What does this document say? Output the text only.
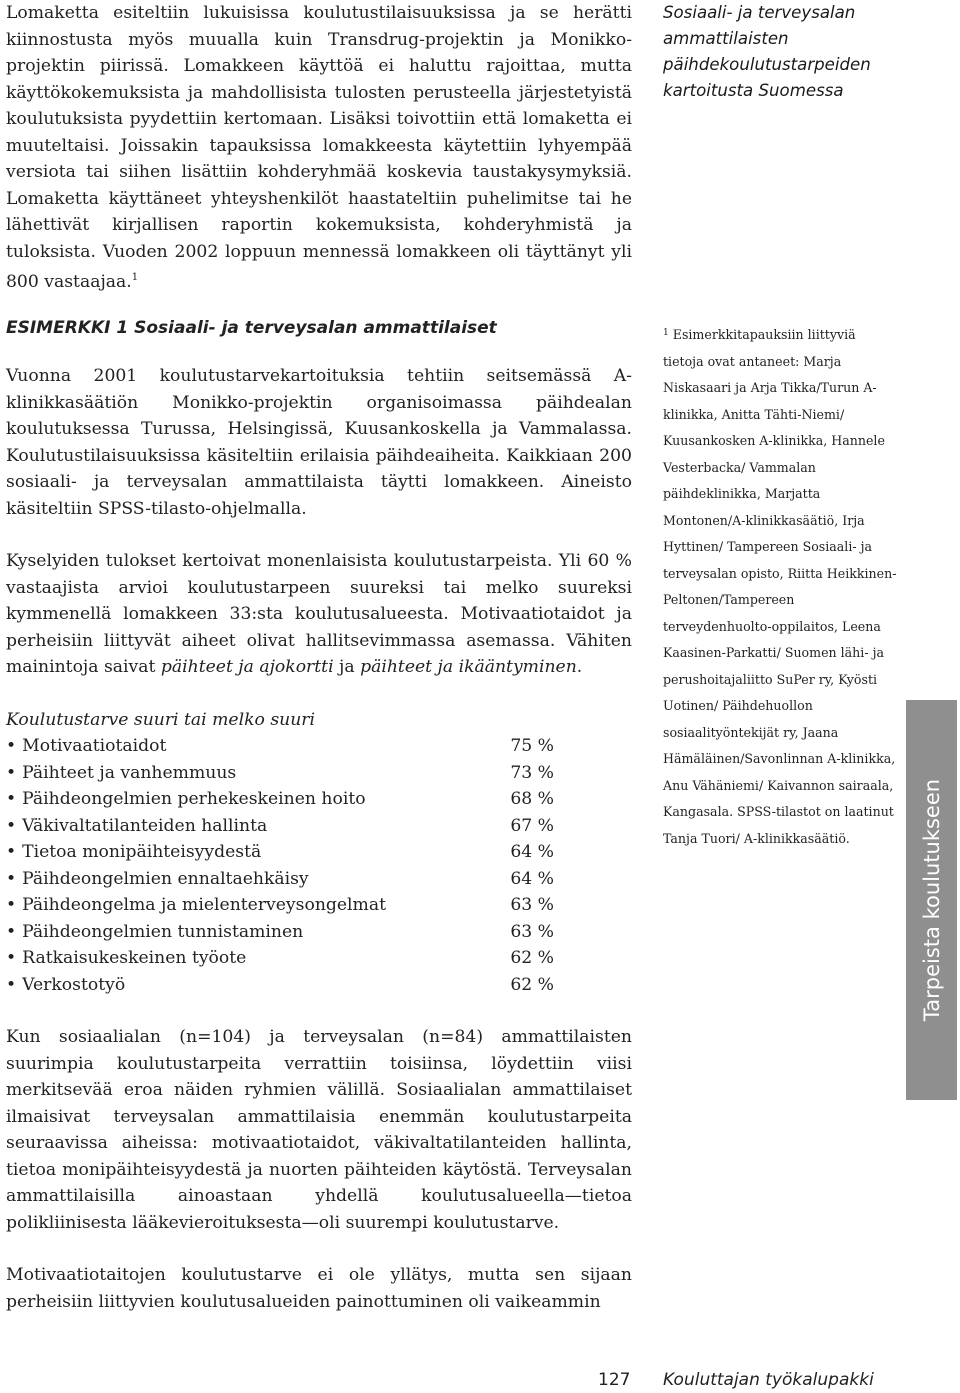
Lomaketta esiteltiin lukuisissa koulutustilaisuuksissa ja se herätti kiinnostusta myös muualla kuin Transdrug-projektin ja Monikko-projektin piirissä. Lomakkeen käyttöä ei haluttu rajoittaa, mutta käyttökokemuksista ja mahdollisista tulosten perusteella järjestetyistä koulutuksista pyydettiin kertomaan. Lisäksi toivottiin että lomaketta ei muuteltaisi. Joissakin tapauksissa lomakkeesta käytettiin lyhyempää versiota tai siihen lisättiin kohderyhmää koskevia taustakysymyksiä. Lomaketta käyttäneet yhteyshenkilöt haastateltiin puhelimitse tai he lähettivät kirjallisen raportin kokemuksista, kohderyhmistä ja tuloksista. Vuoden 2002 loppuun mennessä lomakkeen oli täyttänyt yli 800 vastaajaa.$^1$

Sosiaali- ja terveysalan ammattilaisten päihdekoulutustarpeiden kartoitusta Suomessa
ESIMERKKI 1 Sosiaali- ja terveysalan ammattilaiset

Vuonna 2001 koulutustarvekartoituksia tehtiin seitsemässä A-klinikkasäätiön Monikko-projektin organisoimassa päihdealan koulutuksessa Turussa, Helsingissä, Kuusankoskella ja Vammalassa. Koulutustilaisuuksissa käsiteltiin erilaisia päihdeaiheita. Kaikkiaan 200 sosiaali- ja terveysalan ammattilaista täytti lomakkeen. Aineisto käsiteltiin SPSS-tilasto-ohjelmalla.

Kyselyiden tulokset kertoivat monenlaisista koulutustarpeista. Yli 60 % vastaajista arvioi koulutustarpeen suureksi tai melko suureksi kymmenellä lomakkeen 33:sta koulutusalueesta. Motivaatiotaidot ja perheisiin liittyvät aiheet olivat hallitsevimmassa asemassa. Vähiten mainintoja saivat päihteet ja ajokortti ja päihteet ja ikääntyminen.

Koulutustarve suuri tai melko suuri

• Motivaatiotaidot	75 %
• Päihteet ja vanhemmuus	73 %
• Päihdeongelmien perhekeskeinen hoito	68 %
• Väkivaltatilanteiden hallinta	67 %
• Tietoa monipäihteisyydestä	64 %
• Päihdeongelmien ennaltaehkäisy	64 %
• Päihdeongelma ja mielenterveysongelmat	63 %
• Päihdeongelmien tunnistaminen	63 %
• Ratkaisukeskeinen työote	62 %
• Verkostotyö	62 %

Kun sosiaalialan (n=104) ja terveysalan (n=84) ammattilaisten suurimpia koulutustarpeita verrattiin toisiinsa, löydettiin viisi merkitsevää eroa näiden ryhmien välillä. Sosiaalialan ammattilaiset ilmaisivat terveysalan ammattilaisia enemmän koulutustarpeita seuraavissa aiheissa: motivaatiotaidot, väkivaltatilanteiden hallinta, tietoa monipäihteisyydestä ja nuorten päihteiden käytöstä. Terveysalan ammattilaisilla ainoastaan yhdellä koulutusalueella—tietoa polikliinisesta lääkevieroituksesta—oli suurempi koulutustarve.

Motivaatiotaitojen koulutustarve ei ole yllätys, mutta sen sijaan perheisiin liittyvien koulutusalueiden painottuminen oli vaikeammin

$^1$ Esimerkkitapauksiin liittyviä tietoja ovat antaneet: Marja Niskasaari ja Arja Tikka/Turun A-klinikka, Anitta Tähti-Niemi/ Kuusankosken A-klinikka, Hannele Vesterbacka/ Vammalan päihdeklinikka, Marjatta Montonen/A-klinikkasäätiö, Irja Hyttinen/ Tampereen Sosiaali- ja terveysalan opisto, Riitta Heikkinen-Peltonen/Tampereen terveydenhuolto-oppilaitos, Leena Kaasinen-Parkatti/ Suomen lähi- ja perushoitajaliitto SuPer ry, Kyösti Uotinen/ Päihdehuollon sosiaalityöntekijät ry, Jaana Hämäläinen/Savonlinnan A-klinikka, Anu Vähäniemi/ Kaivannon sairaala, Kangasala. SPSS-tilastot on laatinut Tanja Tuori/ A-klinikkasäätiö.	Tarpeista koulutukseen
127 Kouluttajan työkalupakki
